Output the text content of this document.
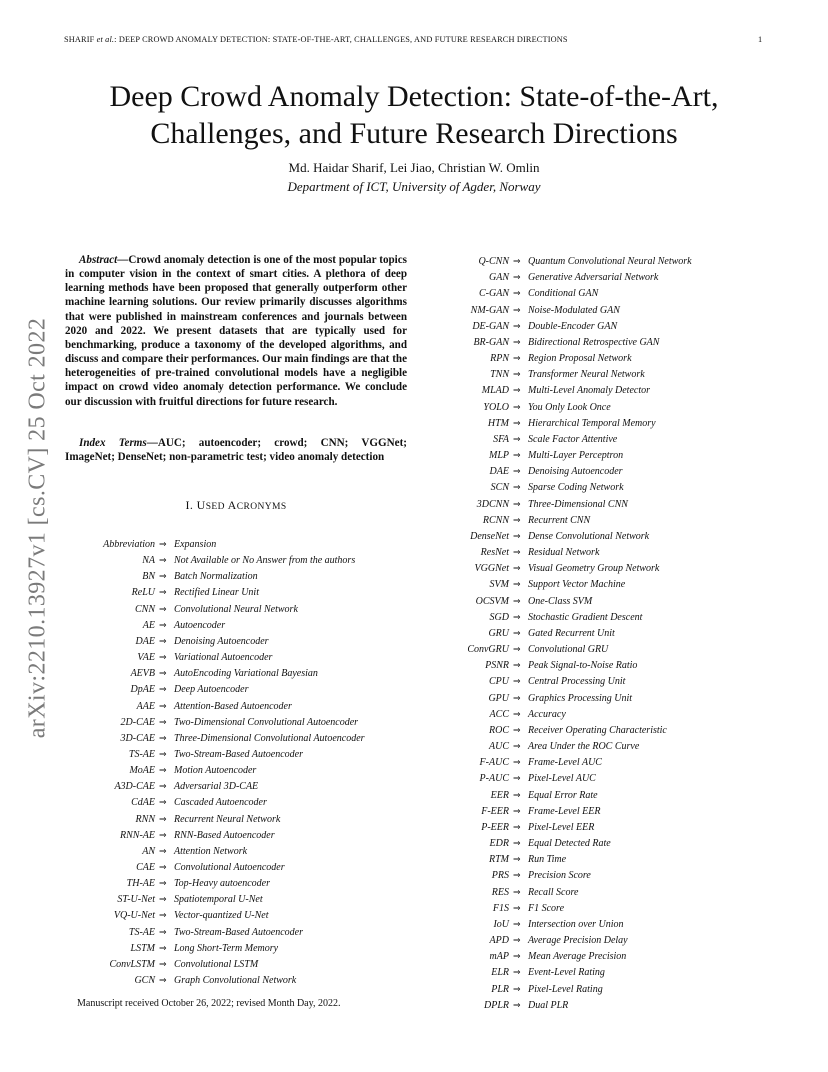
SHARIF et al.: DEEP CROWD ANOMALY DETECTION: STATE-OF-THE-ART, CHALLENGES, AND FUTURE RESEARCH DIRECTIONS	1
arXiv:2210.13927v1 [cs.CV] 25 Oct 2022
Deep Crowd Anomaly Detection: State-of-the-Art,
Challenges, and Future Research Directions
Md. Haidar Sharif, Lei Jiao, Christian W. Omlin
Department of ICT, University of Agder, Norway

Abstract—Crowd anomaly detection is one of the most popular topics in computer vision in the context of smart cities. A plethora of deep learning methods have been proposed that generally outperform other machine learning solutions. Our review primarily discusses algorithms that were published in mainstream conferences and journals between 2020 and 2022. We present datasets that are typically used for benchmarking, produce a taxonomy of the developed algorithms, and discuss and compare their performances. Our main findings are that the heterogeneities of pre-trained convolutional models have a negligible impact on crowd video anomaly detection performance. We conclude our discussion with fruitful directions for future research.

Index Terms—AUC; autoencoder; crowd; CNN; VGGNet; ImageNet; DenseNet; non-parametric test; video anomaly detection

I. USED ACRONYMS
Abbreviation ⇒ Expansion
NA ⇒ Not Available or No Answer from the authors
BN ⇒ Batch Normalization
ReLU ⇒ Rectified Linear Unit
CNN ⇒ Convolutional Neural Network
AE ⇒ Autoencoder
DAE ⇒ Denoising Autoencoder
VAE ⇒ Variational Autoencoder
AEVB ⇒ AutoEncoding Variational Bayesian
DpAE ⇒ Deep Autoencoder
AAE ⇒ Attention-Based Autoencoder
2D-CAE ⇒ Two-Dimensional Convolutional Autoencoder
3D-CAE ⇒ Three-Dimensional Convolutional Autoencoder
TS-AE ⇒ Two-Stream-Based Autoencoder
MoAE ⇒ Motion Autoencoder
A3D-CAE ⇒ Adversarial 3D-CAE
CdAE ⇒ Cascaded Autoencoder
RNN ⇒ Recurrent Neural Network
RNN-AE ⇒ RNN-Based Autoencoder
AN ⇒ Attention Network
CAE ⇒ Convolutional Autoencoder
TH-AE ⇒ Top-Heavy autoencoder
ST-U-Net ⇒ Spatiotemporal U-Net
VQ-U-Net ⇒ Vector-quantized U-Net
TS-AE ⇒ Two-Stream-Based Autoencoder
LSTM ⇒ Long Short-Term Memory
ConvLSTM ⇒ Convolutional LSTM
GCN ⇒ Graph Convolutional Network
Q-CNN ⇒ Quantum Convolutional Neural Network
GAN ⇒ Generative Adversarial Network
C-GAN ⇒ Conditional GAN
NM-GAN ⇒ Noise-Modulated GAN
DE-GAN ⇒ Double-Encoder GAN
BR-GAN ⇒ Bidirectional Retrospective GAN
RPN ⇒ Region Proposal Network
TNN ⇒ Transformer Neural Network
MLAD ⇒ Multi-Level Anomaly Detector
YOLO ⇒ You Only Look Once
HTM ⇒ Hierarchical Temporal Memory
SFA ⇒ Scale Factor Attentive
MLP ⇒ Multi-Layer Perceptron
DAE ⇒ Denoising Autoencoder
SCN ⇒ Sparse Coding Network
3DCNN ⇒ Three-Dimensional CNN
RCNN ⇒ Recurrent CNN
DenseNet ⇒ Dense Convolutional Network
ResNet ⇒ Residual Network
VGGNet ⇒ Visual Geometry Group Network
SVM ⇒ Support Vector Machine
OCSVM ⇒ One-Class SVM
SGD ⇒ Stochastic Gradient Descent
GRU ⇒ Gated Recurrent Unit
ConvGRU ⇒ Convolutional GRU
PSNR ⇒ Peak Signal-to-Noise Ratio
CPU ⇒ Central Processing Unit
GPU ⇒ Graphics Processing Unit
ACC ⇒ Accuracy
ROC ⇒ Receiver Operating Characteristic
AUC ⇒ Area Under the ROC Curve
F-AUC ⇒ Frame-Level AUC
P-AUC ⇒ Pixel-Level AUC
EER ⇒ Equal Error Rate
F-EER ⇒ Frame-Level EER
P-EER ⇒ Pixel-Level EER
EDR ⇒ Equal Detected Rate
RTM ⇒ Run Time
PRS ⇒ Precision Score
RES ⇒ Recall Score
F1S ⇒ F1 Score
IoU ⇒ Intersection over Union
APD ⇒ Average Precision Delay
mAP ⇒ Mean Average Precision
ELR ⇒ Event-Level Rating
PLR ⇒ Pixel-Level Rating
DPLR ⇒ Dual PLR
Manuscript received October 26, 2022; revised Month Day, 2022.
